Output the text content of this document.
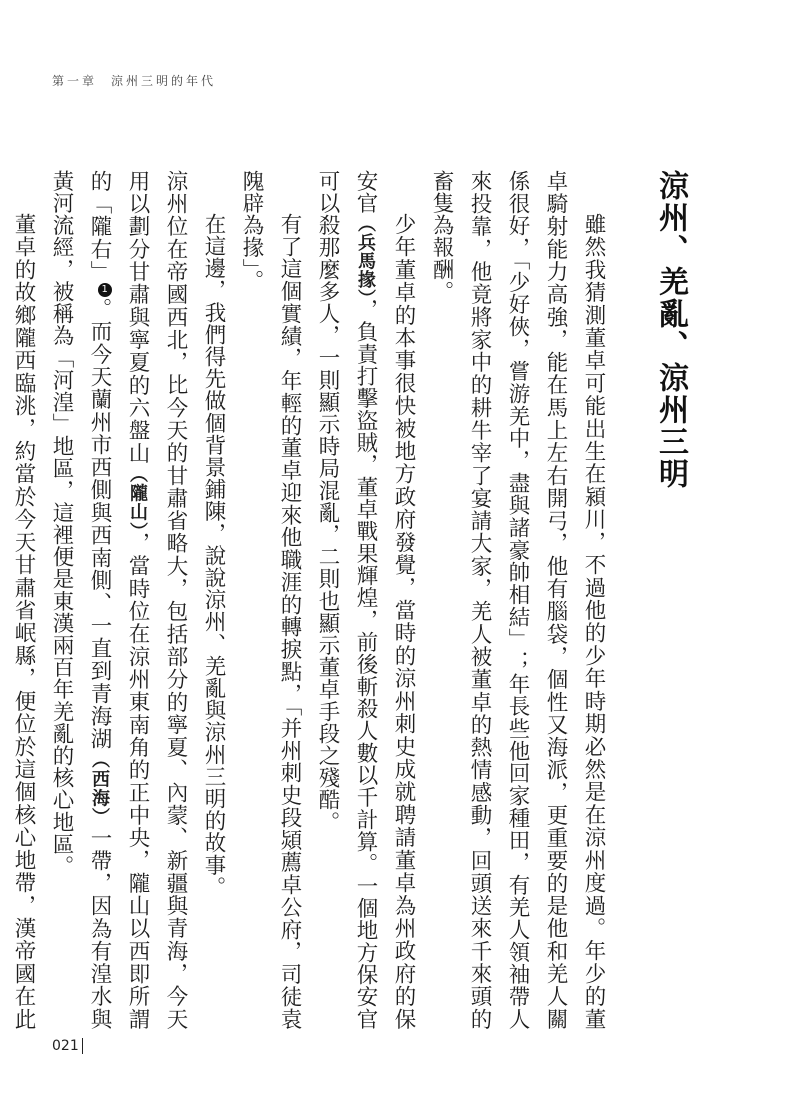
第一章 涼州三明的年代
涼州、羌亂、涼州三明

雖然我猜測董卓可能出生在潁川，不過他的少年時期必然是在涼州度過。年少的董卓騎射能力高強，能在馬上左右開弓，他有腦袋，個性又海派，更重要的是他和羌人關係很好，「少好俠，嘗游羌中，盡與諸豪帥相結」；年長些他回家種田，有羌人領袖帶人來投靠，他竟將家中的耕牛宰了宴請大家，羌人被董卓的熱情感動，回頭送來千來頭的畜隻為報酬。

少年董卓的本事很快被地方政府發覺，當時的涼州刺史成就聘請董卓為州政府的保安官（兵馬掾），負責打擊盜賊，董卓戰果輝煌，前後斬殺人數以千計算。一個地方保安官可以殺那麼多人，一則顯示時局混亂，二則也顯示董卓手段之殘酷。

有了這個實績，年輕的董卓迎來他職涯的轉捩點，「并州刺史段熲薦卓公府，司徒袁隗辟為掾」。

在這邊，我們得先做個背景鋪陳，說說涼州、羌亂與涼州三明的故事。

涼州位在帝國西北，比今天的甘肅省略大，包括部分的寧夏、內蒙、新疆與青海，今天用以劃分甘肅與寧夏的六盤山（隴山），當時位在涼州東南角的正中央，隴山以西即所謂的「隴右」1。而今天蘭州市西側與西南側、一直到青海湖（西海）一帶，因為有湟水與黃河流經，被稱為「河湟」地區，這裡便是東漢兩百年羌亂的核心地區。

董卓的故鄉隴西臨洮，約當於今天甘肅省岷縣，便位於這個核心地帶，漢帝國在此

021
